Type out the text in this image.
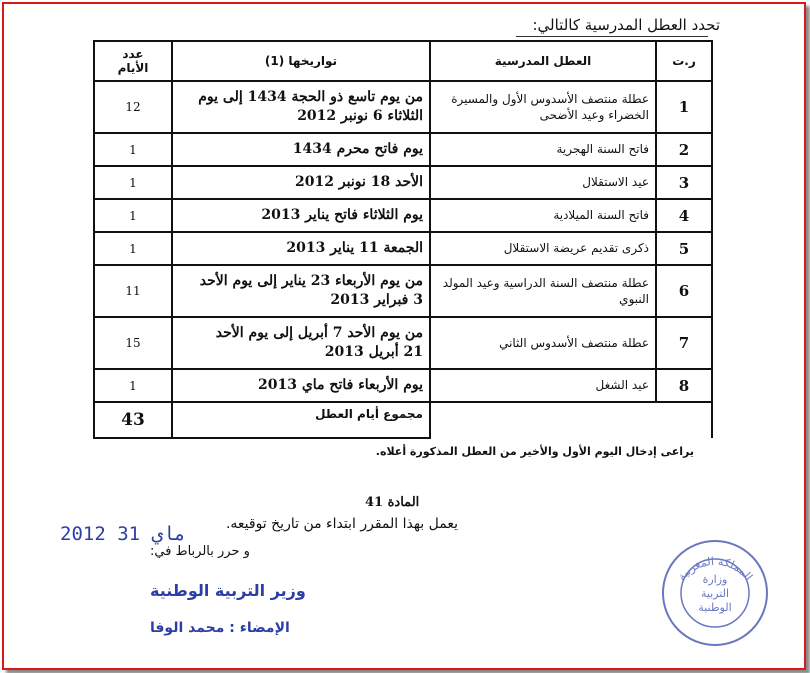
تحدد العطل المدرسية كالتالي:
ر.ت	العطل المدرسية	تواريخها (1)	عدد
الأيام

1	عطلة منتصف الأسدوس الأول والمسيرة الخضراء وعيد الأضحى	من يوم تاسع ذو الحجة 1434 إلى يوم
الثلاثاء 6 نونبر 2012	12
2	فاتح السنة الهجرية	يوم فاتح محرم 1434	1
3	عيد الاستقلال	الأحد 18 نونبر 2012	1
4	فاتح السنة الميلادية	يوم الثلاثاء فاتح يناير 2013	1
5	ذكرى تقديم عريضة الاستقلال	الجمعة 11 يناير 2013	1
6	عطلة منتصف السنة الدراسية وعيد المولد النبوي	من يوم الأربعاء 23 يناير إلى يوم الأحد
3 فبراير 2013	11
7	عطلة منتصف الأسدوس الثاني	من يوم الأحد 7 أبريل إلى يوم الأحد
21 أبريل 2013	15
8	عيد الشغل	يوم الأربعاء فاتح ماي 2013	1
		مجموع أيام العطل	43
يراعى إدخال اليوم الأول والأخير من العطل المذكورة أعلاه.
المادة 41
يعمل بهذا المقرر ابتداء من تاريخ توقيعه.
2012 ماي 31
و حرر بالرباط في:
وزير التربية الوطنية
الإمضاء : محمد الوفا
المملكة المغربية
وزارة
التربية
الوطنية
